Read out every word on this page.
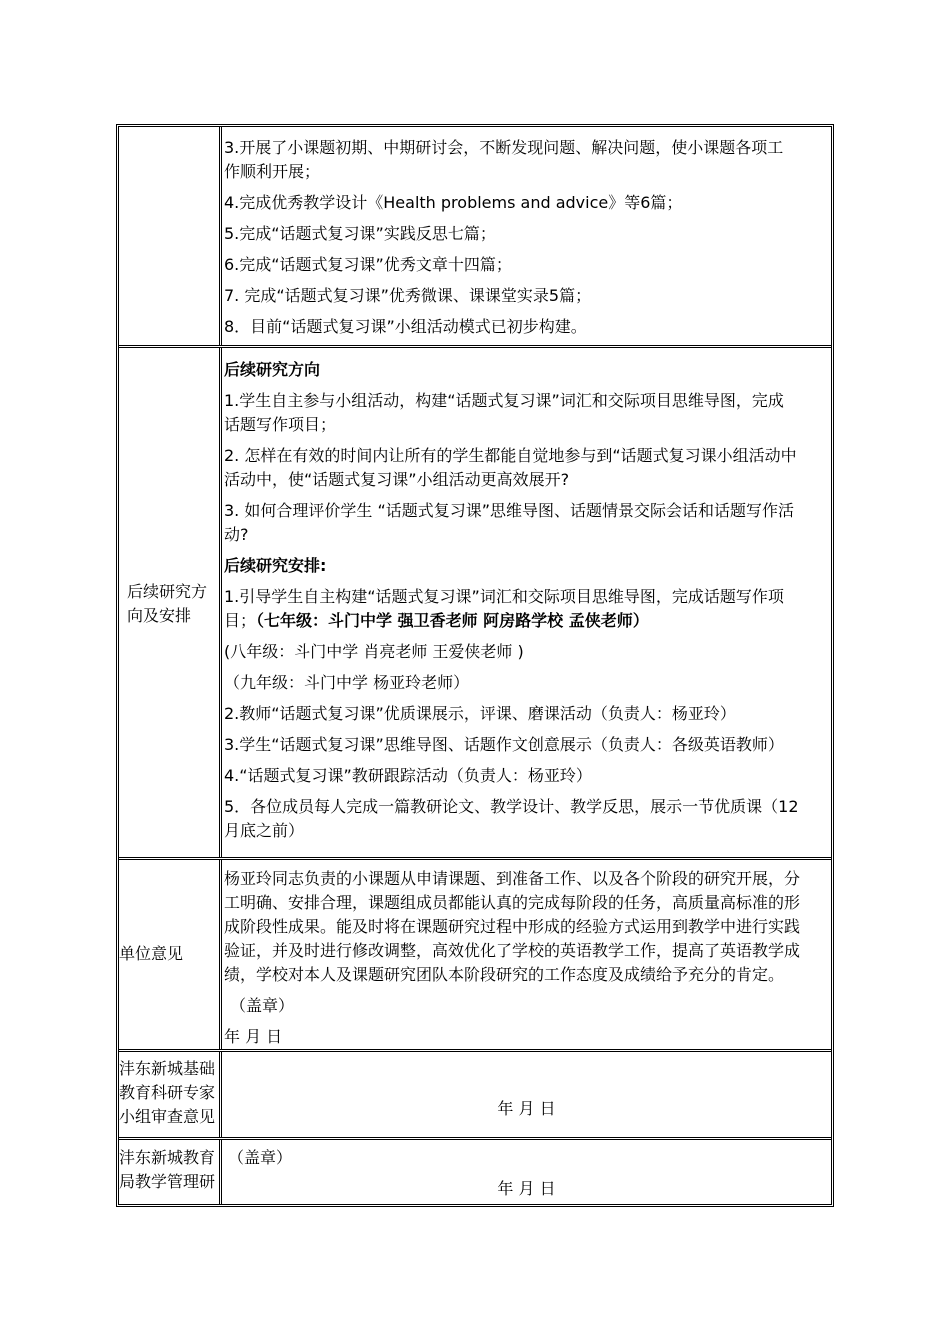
3.开展了小课题初期、中期研讨会，不断发现问题、解决问题，使小课题各项工
作顺利开展；
4.完成优秀教学设计《Health problems and advice》等6篇；
5.完成“话题式复习课”实践反思七篇；
6.完成“话题式复习课”优秀文章十四篇；
7. 完成“话题式复习课”优秀微课、课课堂实录5篇；
8．目前“话题式复习课”小组活动模式已初步构建。
后续研究方
向及安排
后续研究方向
1.学生自主参与小组活动，构建“话题式复习课”词汇和交际项目思维导图，完成
话题写作项目；
2. 怎样在有效的时间内让所有的学生都能自觉地参与到“话题式复习课小组活动中
活动中，使“话题式复习课”小组活动更高效展开?
3. 如何合理评价学生 “话题式复习课”思维导图、话题情景交际会话和话题写作活
动?
后续研究安排:
1.引导学生自主构建“话题式复习课”词汇和交际项目思维导图，完成话题写作项
目；（七年级：斗门中学 强卫香老师 阿房路学校 孟侠老师）
(八年级：斗门中学 肖亮老师 王爱侠老师 )
（九年级：斗门中学 杨亚玲老师）
2.教师“话题式复习课”优质课展示，评课、磨课活动（负责人：杨亚玲）
3.学生“话题式复习课”思维导图、话题作文创意展示（负责人：各级英语教师）
4.“话题式复习课”教研跟踪活动（负责人：杨亚玲）
5．各位成员每人完成一篇教研论文、教学设计、教学反思，展示一节优质课（12
月底之前）
单位意见
杨亚玲同志负责的小课题从申请课题、到准备工作、以及各个阶段的研究开展，分
工明确、安排合理，课题组成员都能认真的完成每阶段的任务，高质量高标准的形
成阶段性成果。能及时将在课题研究过程中形成的经验方式运用到教学中进行实践
验证，并及时进行修改调整，高效优化了学校的英语教学工作，提高了英语教学成
绩，学校对本人及课题研究团队本阶段研究的工作态度及成绩给予充分的肯定。
（盖章）
年 月 日
沣东新城基础
教育科研专家
小组审查意见	年 月 日
沣东新城教育
局教学管理研
（盖章）
年 月 日
